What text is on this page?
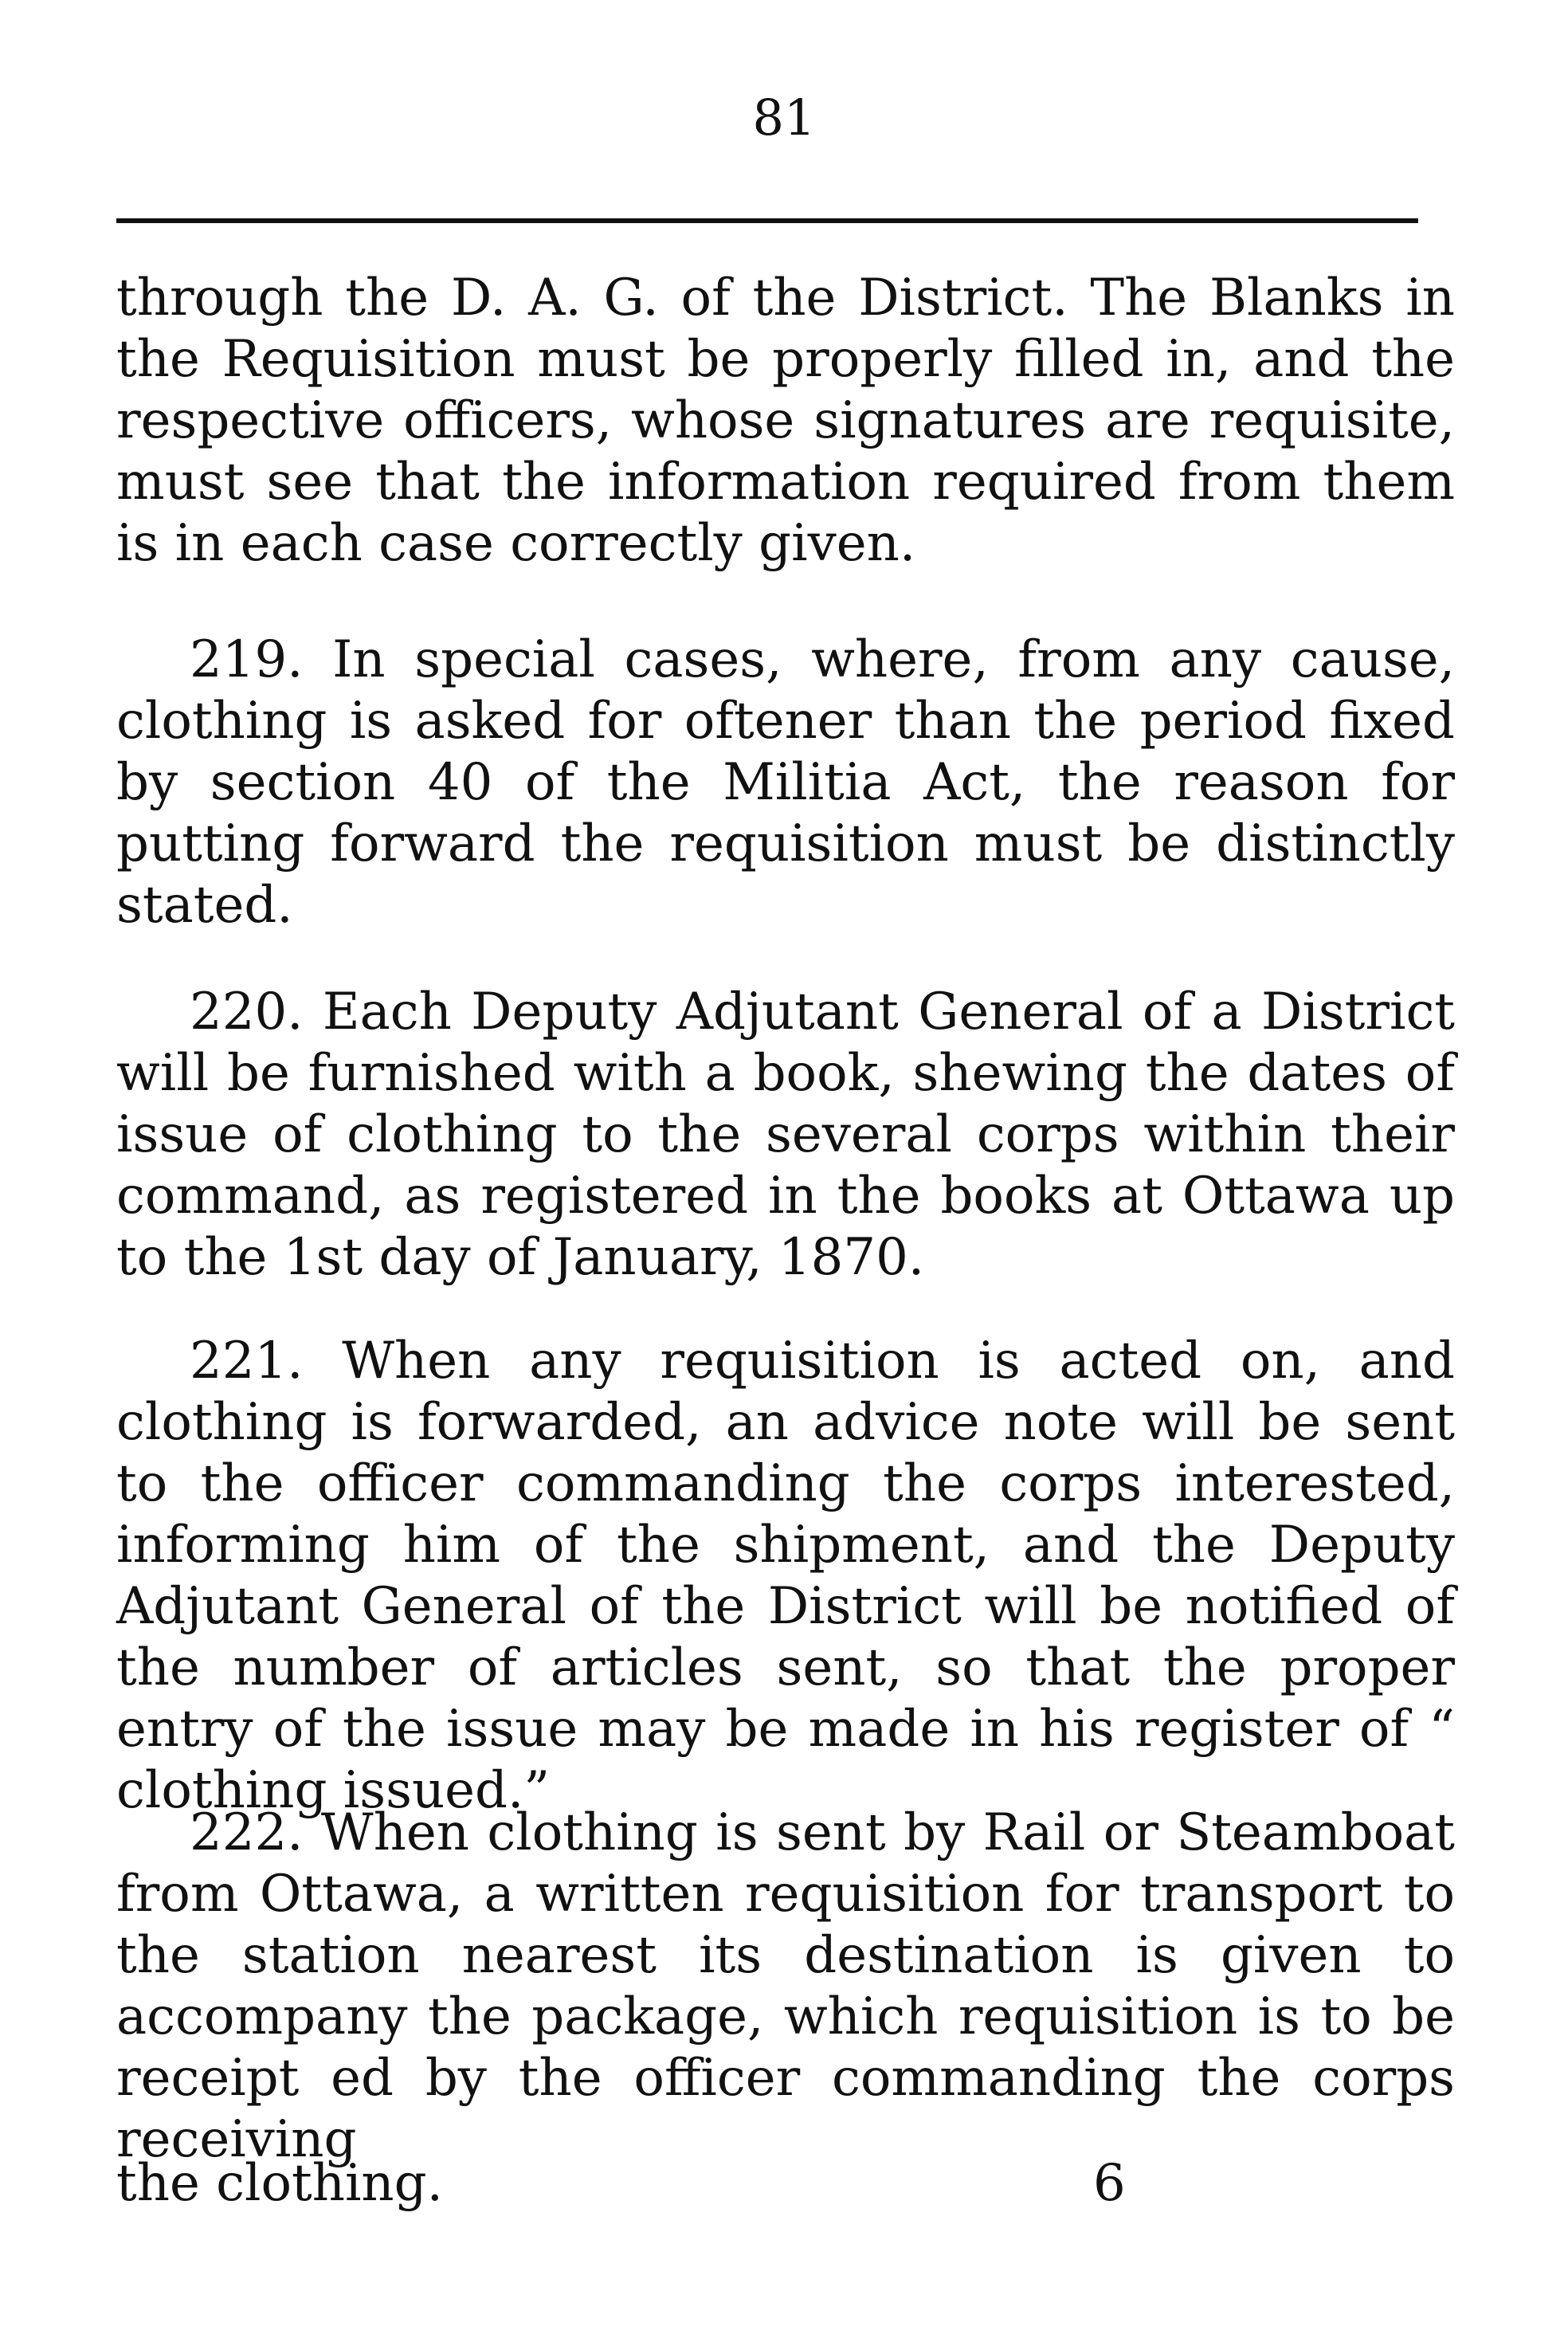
81

through the D. A. G. of the District. The Blanks in the Requisition must be properly filled in, and the respective officers, whose signatures are requisite, must see that the information required from them is in each case correctly given.

219. In special cases, where, from any cause, clothing is asked for oftener than the period fixed by section 40 of the Militia Act, the reason for putting forward the requisition must be distinctly stated.

220. Each Deputy Adjutant General of a District will be furnished with a book, shewing the dates of issue of clothing to the several corps within their command, as registered in the books at Ottawa up to the 1st day of January, 1870.

221. When any requisition is acted on, and clothing is forwarded, an advice note will be sent to the officer commanding the corps interested, informing him of the shipment, and the Deputy Adjutant General of the District will be notified of the number of articles sent, so that the proper entry of the issue may be made in his register of “ clothing issued.”

222. When clothing is sent by Rail or Steamboat from Ottawa, a written requisition for transport to the station nearest its destination is given to accompany the package, which requisition is to be receipt ed by the officer commanding the corps receiving

the clothing.	6
